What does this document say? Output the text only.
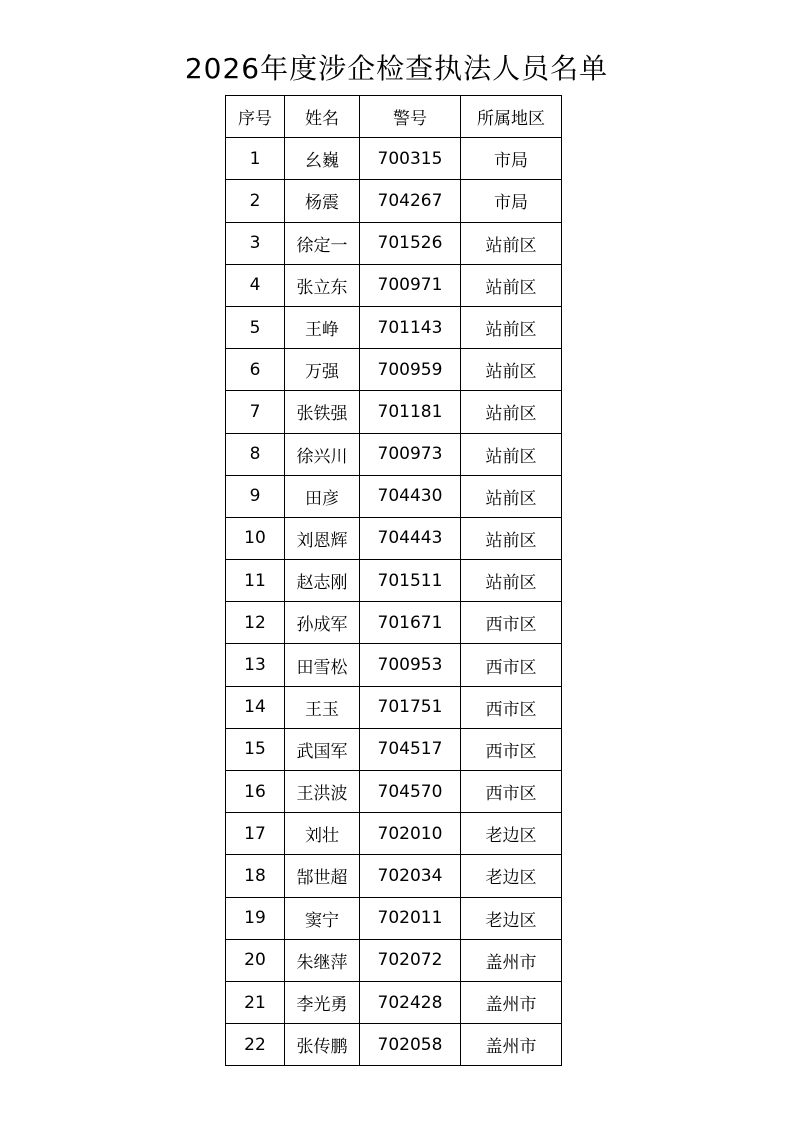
2026年度涉企检查执法人员名单
序号	姓名	警号	所属地区
1	幺巍	700315	市局
2	杨震	704267	市局
3	徐定一	701526	站前区
4	张立东	700971	站前区
5	王峥	701143	站前区
6	万强	700959	站前区
7	张铁强	701181	站前区
8	徐兴川	700973	站前区
9	田彦	704430	站前区
10	刘恩辉	704443	站前区
11	赵志刚	701511	站前区
12	孙成军	701671	西市区
13	田雪松	700953	西市区
14	王玉	701751	西市区
15	武国军	704517	西市区
16	王洪波	704570	西市区
17	刘壮	702010	老边区
18	郜世超	702034	老边区
19	窦宁	702011	老边区
20	朱继萍	702072	盖州市
21	李光勇	702428	盖州市
22	张传鹏	702058	盖州市
